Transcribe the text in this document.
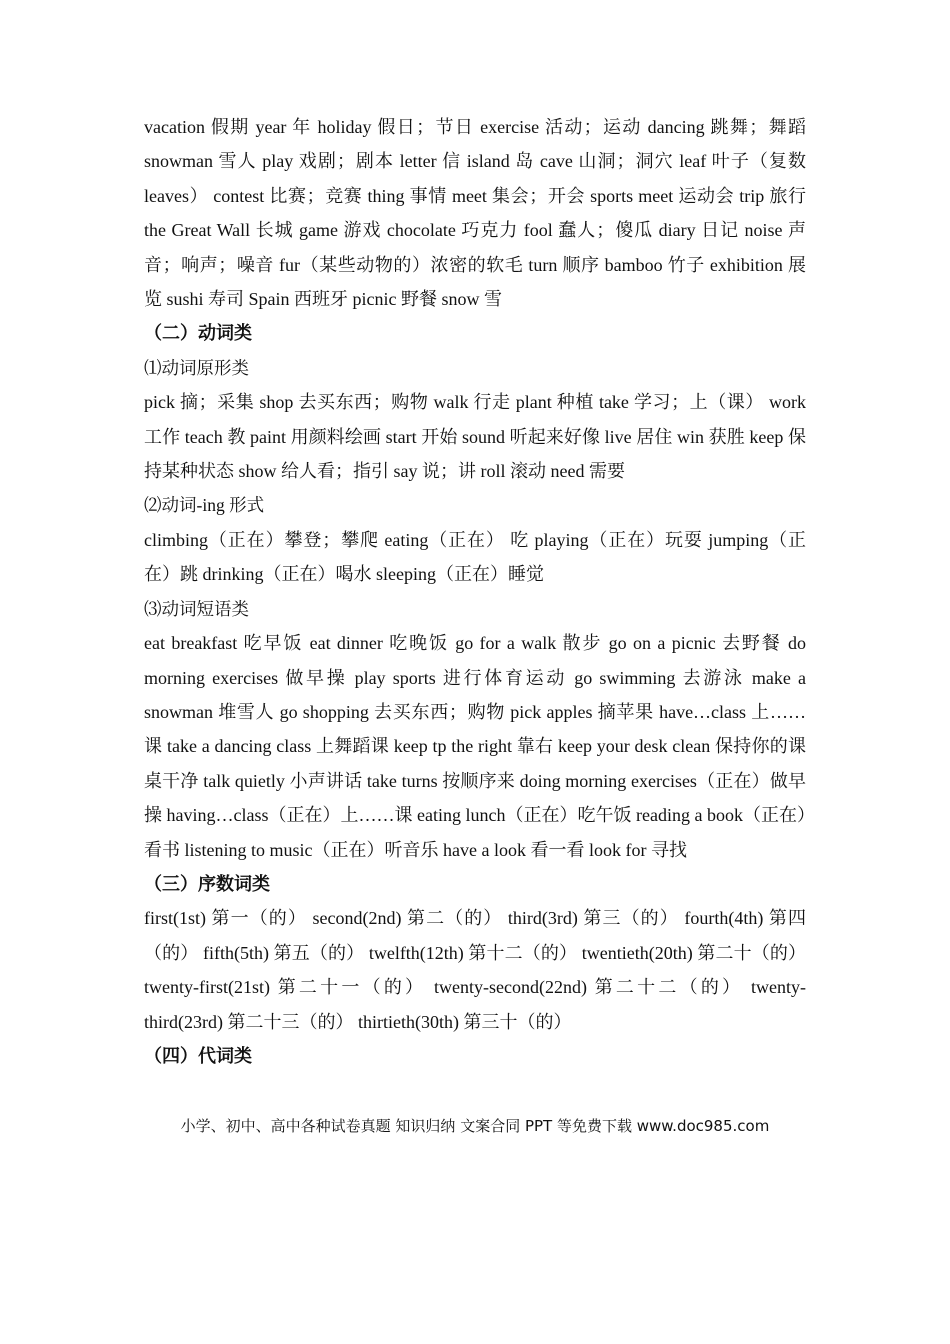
vacation 假期 year 年 holiday 假日；节日 exercise 活动；运动 dancing 跳舞；舞蹈 snowman 雪人 play 戏剧；剧本 letter 信 island 岛 cave 山洞；洞穴 leaf 叶子（复数 leaves） contest 比赛；竞赛 thing 事情 meet 集会；开会 sports meet 运动会 trip 旅行 the Great Wall 长城 game 游戏 chocolate 巧克力 fool 蠢人；傻瓜 diary 日记 noise 声音；响声；噪音 fur（某些动物的）浓密的软毛 turn 顺序 bamboo 竹子 exhibition 展览 sushi 寿司 Spain 西班牙 picnic 野餐 snow 雪

（二）动词类

⑴动词原形类

pick 摘；采集 shop 去买东西；购物 walk 行走 plant 种植 take 学习；上（课） work 工作 teach 教 paint 用颜料绘画 start 开始 sound 听起来好像 live 居住 win 获胜 keep 保持某种状态 show 给人看；指引 say 说；讲 roll 滚动 need 需要

⑵动词-ing 形式

climbing（正在）攀登；攀爬 eating（正在） 吃 playing（正在）玩耍 jumping（正在）跳 drinking（正在）喝水 sleeping（正在）睡觉

⑶动词短语类

eat breakfast 吃早饭 eat dinner 吃晚饭 go for a walk 散步 go on a picnic 去野餐 do morning exercises 做早操 play sports 进行体育运动 go swimming 去游泳 make a snowman 堆雪人 go shopping 去买东西；购物 pick apples 摘苹果 have…class 上……课 take a dancing class 上舞蹈课 keep tp the right 靠右 keep your desk clean 保持你的课桌干净 talk quietly 小声讲话 take turns 按顺序来 doing morning exercises（正在）做早操 having…class（正在）上……课 eating lunch（正在）吃午饭 reading a book（正在）看书 listening to music（正在）听音乐 have a look 看一看 look for 寻找

（三）序数词类

first(1st) 第一（的） second(2nd) 第二（的） third(3rd) 第三（的） fourth(4th) 第四（的） fifth(5th) 第五（的） twelfth(12th) 第十二（的） twentieth(20th) 第二十（的） twenty-first(21st) 第二十一（的） twenty-second(22nd) 第二十二（的） twenty-third(23rd) 第二十三（的） thirtieth(30th) 第三十（的）

（四）代词类

小学、初中、高中各种试卷真题 知识归纳 文案合同 PPT 等免费下载 www.doc985.com
